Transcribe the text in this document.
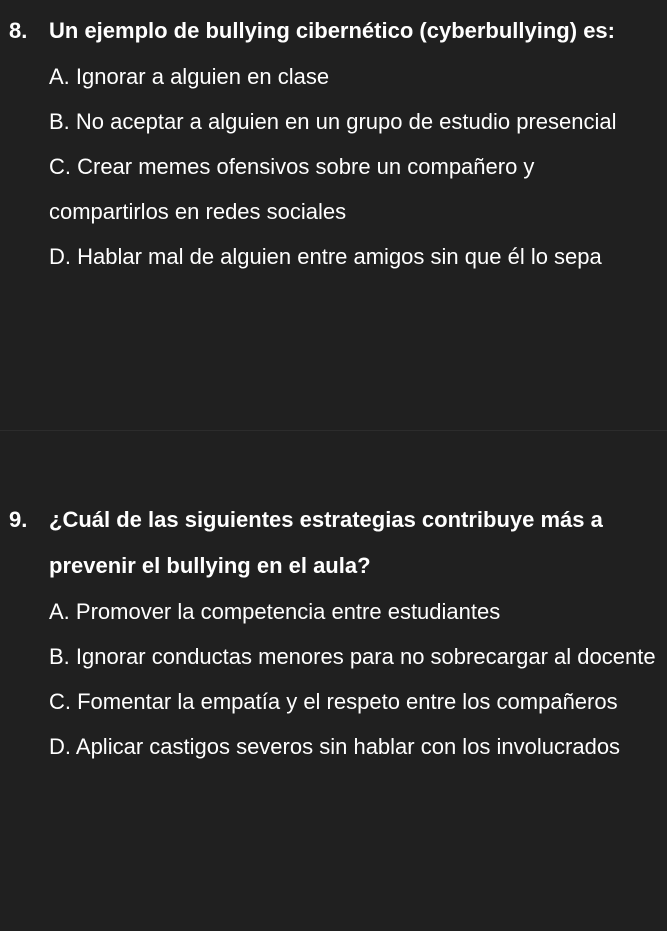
8. Un ejemplo de bullying cibernético (cyberbullying) es:
A. Ignorar a alguien en clase
B. No aceptar a alguien en un grupo de estudio presencial
C. Crear memes ofensivos sobre un compañero y compartirlos en redes sociales
D. Hablar mal de alguien entre amigos sin que él lo sepa
9. ¿Cuál de las siguientes estrategias contribuye más a prevenir el bullying en el aula?
A. Promover la competencia entre estudiantes
B. Ignorar conductas menores para no sobrecargar al docente
C. Fomentar la empatía y el respeto entre los compañeros
D. Aplicar castigos severos sin hablar con los involucrados
